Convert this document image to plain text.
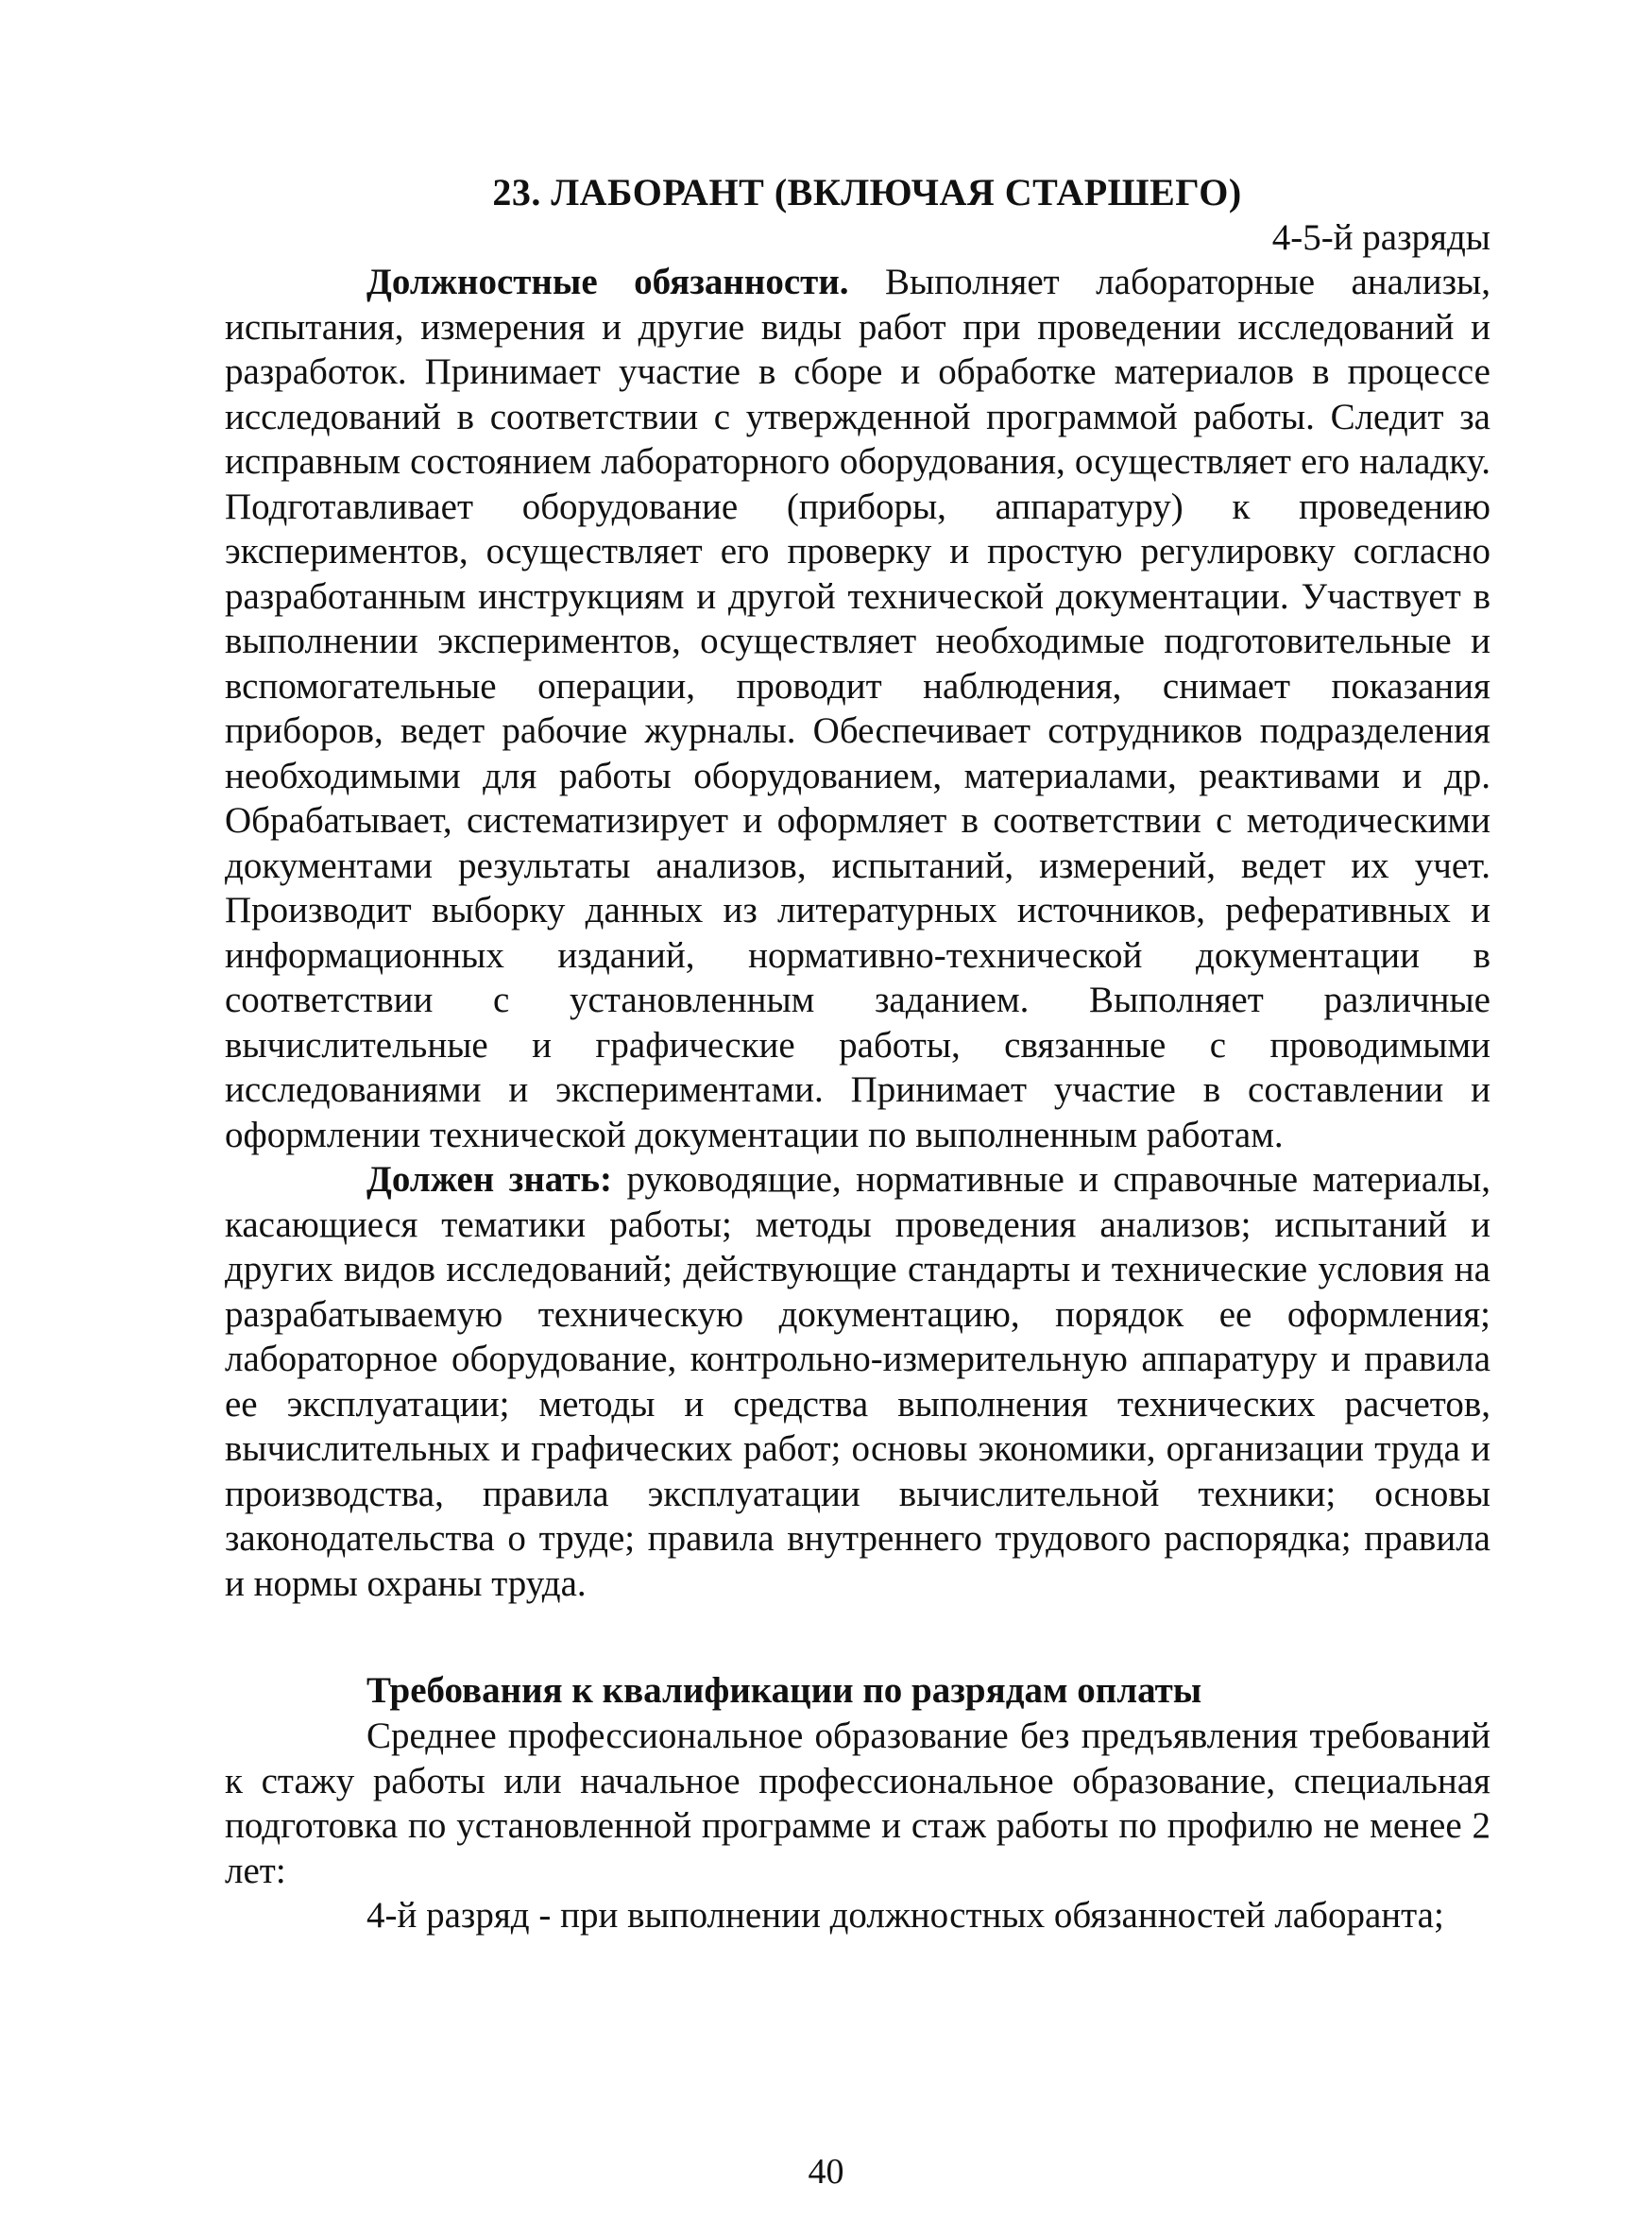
23. ЛАБОРАНТ (ВКЛЮЧАЯ СТАРШЕГО)

4-5-й разряды

Должностные обязанности. Выполняет лабораторные анализы, испытания, измерения и другие виды работ при проведении исследований и разработок. Принимает участие в сборе и обработке материалов в процессе исследований в соответствии с утвержденной программой работы. Следит за исправным состоянием лабораторного оборудования, осуществляет его наладку. Подготавливает оборудование (приборы, аппаратуру) к проведению экспериментов, осуществляет его проверку и простую регулировку согласно разработанным инструкциям и другой технической документации. Участвует в выполнении экспериментов, осуществляет необходимые подготовительные и вспомогательные операции, проводит наблюдения, снимает показания приборов, ведет рабочие журналы. Обеспечивает сотрудников подразделения необходимыми для работы оборудованием, материалами, реактивами и др. Обрабатывает, систематизирует и оформляет в соответствии с методическими документами результаты анализов, испытаний, измерений, ведет их учет. Производит выборку данных из литературных источников, реферативных и информационных изданий, нормативно-технической документации в соответствии с установленным заданием. Выполняет различные вычислительные и графические работы, связанные с проводимыми исследованиями и экспериментами. Принимает участие в составлении и оформлении технической документации по выполненным работам.

Должен знать: руководящие, нормативные и справочные материалы, касающиеся тематики работы; методы проведения анализов; испытаний и других видов исследований; действующие стандарты и технические условия на разрабатываемую техническую документацию, порядок ее оформления; лабораторное оборудование, контрольно-измерительную аппаратуру и правила ее эксплуатации; методы и средства выполнения технических расчетов, вычислительных и графических работ; основы экономики, организации труда и производства, правила эксплуатации вычислительной техники; основы законодательства о труде; правила внутреннего трудового распорядка; правила и нормы охраны труда.

Требования к квалификации по разрядам оплаты

Среднее профессиональное образование без предъявления требований к стажу работы или начальное профессиональное образование, специальная подготовка по установленной программе и стаж работы по профилю не менее 2 лет:

4-й разряд - при выполнении должностных обязанностей лаборанта;

40
